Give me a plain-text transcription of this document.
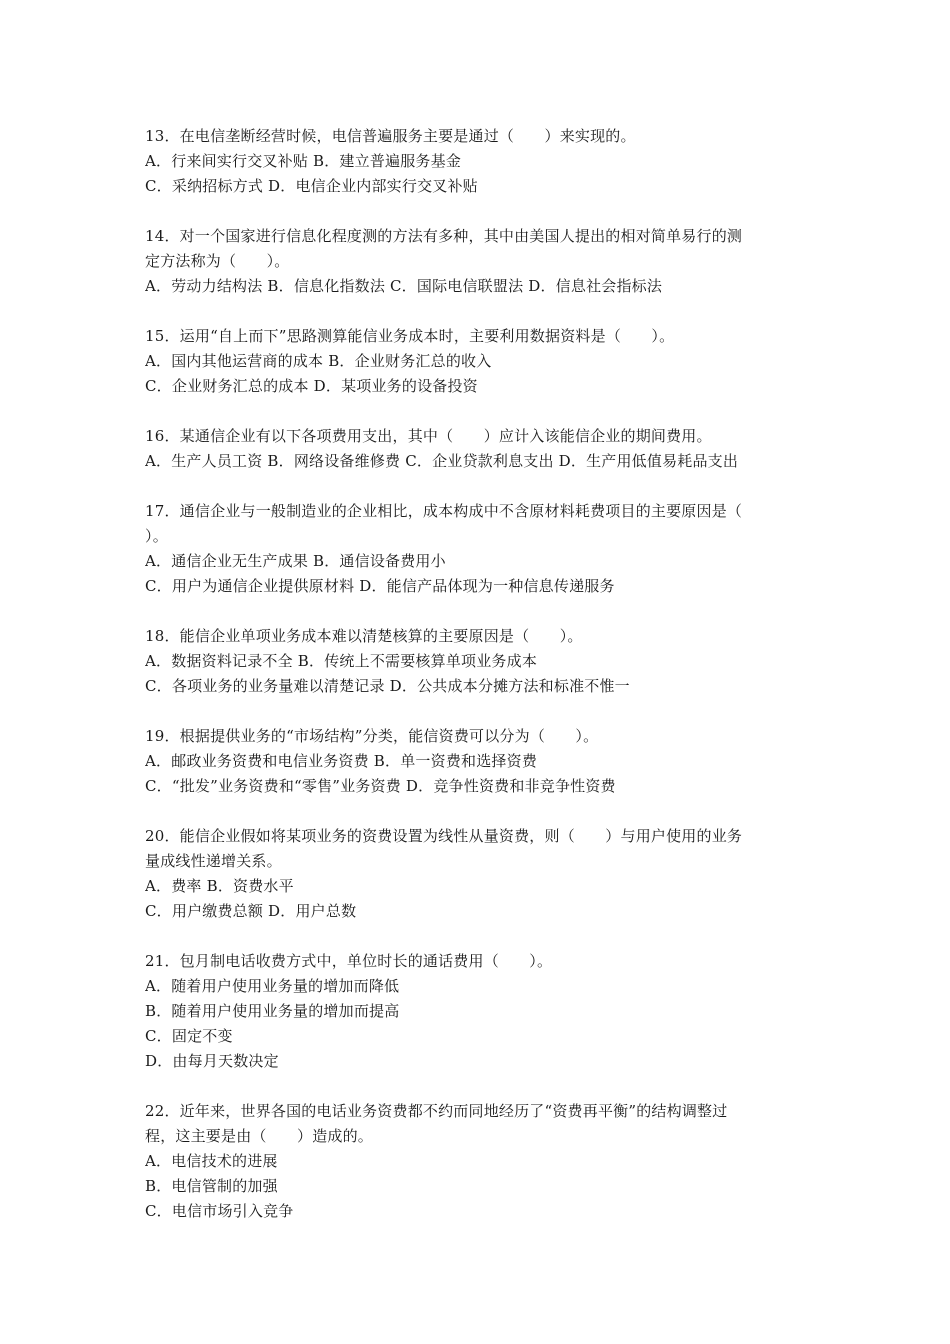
13．在电信垄断经营时候，电信普遍服务主要是通过（　　）来实现的。
A．行来间实行交叉补贴 B．建立普遍服务基金
C．采纳招标方式 D．电信企业内部实行交叉补贴
14．对一个国家进行信息化程度测的方法有多种，其中由美国人提出的相对简单易行的测
定方法称为（　　）。
A．劳动力结构法 B．信息化指数法 C．国际电信联盟法 D．信息社会指标法
15．运用“自上而下”思路测算能信业务成本时，主要利用数据资料是（　　）。
A．国内其他运营商的成本 B．企业财务汇总的收入
C．企业财务汇总的成本 D．某项业务的设备投资
16．某通信企业有以下各项费用支出，其中（　　）应计入该能信企业的期间费用。
A．生产人员工资 B．网络设备维修费 C．企业贷款利息支出 D．生产用低值易耗品支出
17．通信企业与一般制造业的企业相比，成本构成中不含原材料耗费项目的主要原因是（
）。
A．通信企业无生产成果 B．通信设备费用小
C．用户为通信企业提供原材料 D．能信产品体现为一种信息传递服务
18．能信企业单项业务成本难以清楚核算的主要原因是（　　）。
A．数据资料记录不全 B．传统上不需要核算单项业务成本
C．各项业务的业务量难以清楚记录 D．公共成本分摊方法和标准不惟一
19．根据提供业务的“市场结构”分类，能信资费可以分为（　　）。
A．邮政业务资费和电信业务资费 B．单一资费和选择资费
C．“批发”业务资费和“零售”业务资费 D．竞争性资费和非竞争性资费
20．能信企业假如将某项业务的资费设置为线性从量资费，则（　　）与用户使用的业务
量成线性递增关系。
A．费率 B．资费水平
C．用户缴费总额 D．用户总数
21．包月制电话收费方式中，单位时长的通话费用（　　）。
A．随着用户使用业务量的增加而降低
B．随着用户使用业务量的增加而提高
C．固定不变
D．由每月天数决定
22．近年来，世界各国的电话业务资费都不约而同地经历了“资费再平衡”的结构调整过
程，这主要是由（　　）造成的。
A．电信技术的进展
B．电信管制的加强
C．电信市场引入竞争
